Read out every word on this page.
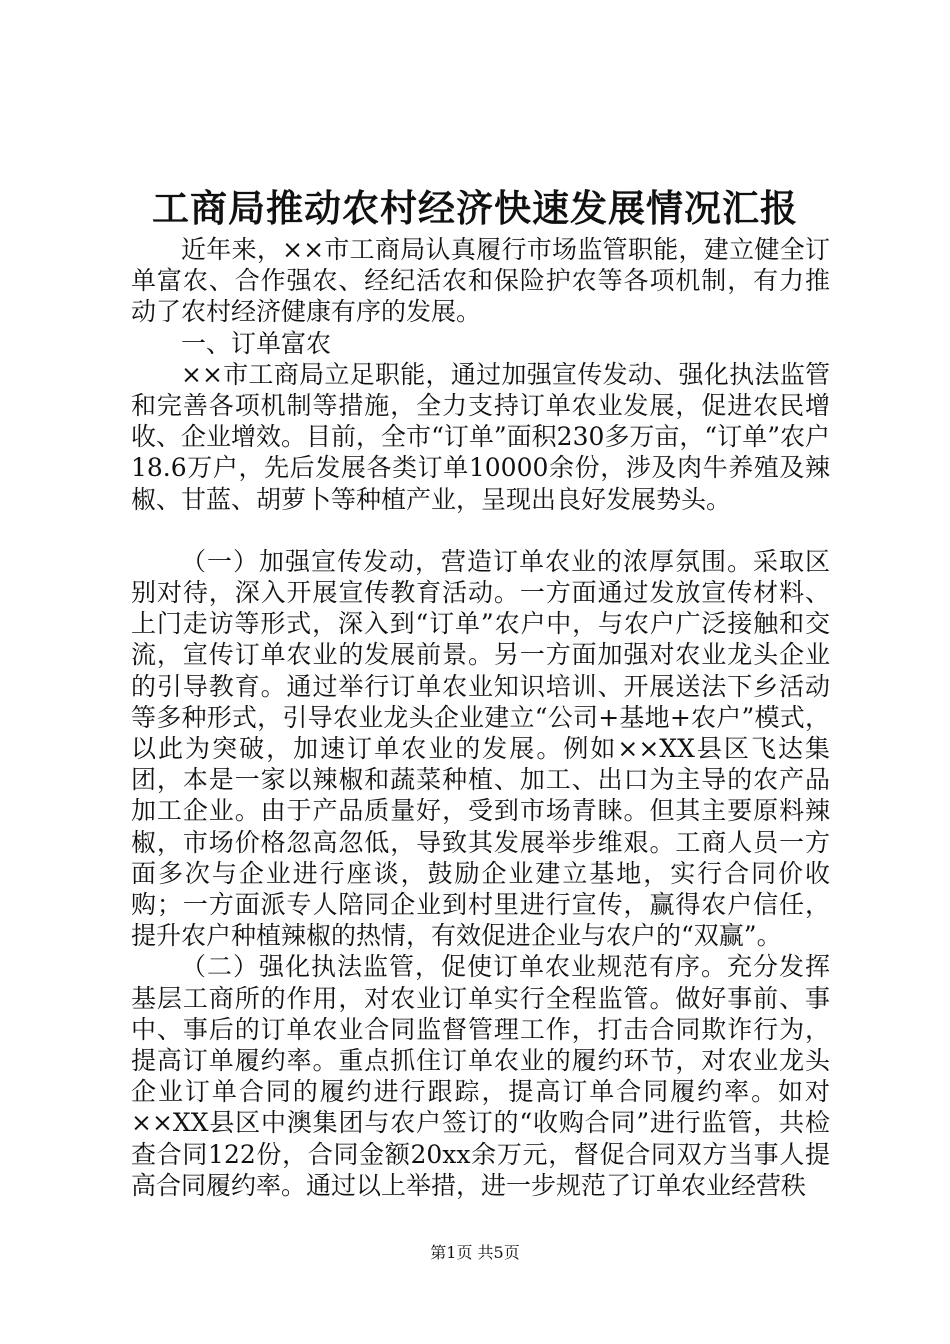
工商局推动农村经济快速发展情况汇报

近年来，××市工商局认真履行市场监管职能，建立健全订单富农、合作强农、经纪活农和保险护农等各项机制，有力推动了农村经济健康有序的发展。

一、订单富农

××市工商局立足职能，通过加强宣传发动、强化执法监管和完善各项机制等措施，全力支持订单农业发展，促进农民增收、企业增效。目前，全市“订单”面积230多万亩，“订单”农户18.6万户，先后发展各类订单10000余份，涉及肉牛养殖及辣椒、甘蓝、胡萝卜等种植产业，呈现出良好发展势头。

（一）加强宣传发动，营造订单农业的浓厚氛围。采取区别对待，深入开展宣传教育活动。一方面通过发放宣传材料、上门走访等形式，深入到“订单”农户中，与农户广泛接触和交流，宣传订单农业的发展前景。另一方面加强对农业龙头企业的引导教育。通过举行订单农业知识培训、开展送法下乡活动等多种形式，引导农业龙头企业建立“公司+基地+农户”模式，以此为突破，加速订单农业的发展。例如××XX县区飞达集团，本是一家以辣椒和蔬菜种植、加工、出口为主导的农产品加工企业。由于产品质量好，受到市场青睐。但其主要原料辣椒，市场价格忽高忽低，导致其发展举步维艰。工商人员一方面多次与企业进行座谈，鼓励企业建立基地，实行合同价收购；一方面派专人陪同企业到村里进行宣传，赢得农户信任，提升农户种植辣椒的热情，有效促进企业与农户的“双赢”。

（二）强化执法监管，促使订单农业规范有序。充分发挥基层工商所的作用，对农业订单实行全程监管。做好事前、事中、事后的订单农业合同监督管理工作，打击合同欺诈行为，提高订单履约率。重点抓住订单农业的履约环节，对农业龙头企业订单合同的履约进行跟踪，提高订单合同履约率。如对××XX县区中澳集团与农户签订的“收购合同”进行监管，共检查合同122份，合同金额20xx余万元，督促合同双方当事人提高合同履约率。通过以上举措，进一步规范了订单农业经营秩

第1页 共5页
